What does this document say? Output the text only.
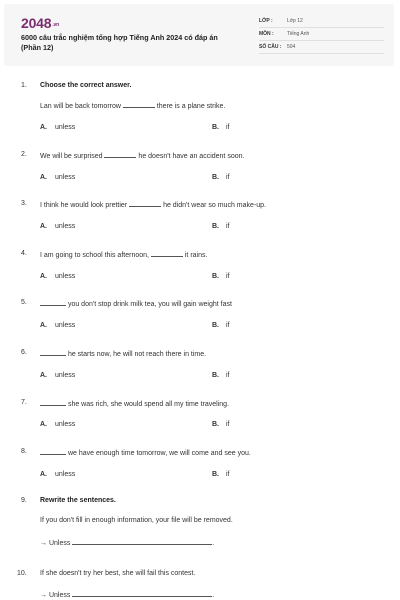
2048.vn
6000 câu trắc nghiệm tổng hợp Tiếng Anh 2024 có đáp án (Phần 12)
LỚP :	Lớp 12
MÔN :	Tiếng Anh
SỐ CÂU : 504
1. Choose the correct answer.
Lan will be back tomorrow	there is a plane strike.
A. unless	B. if
2. We will be surprised	he doesn't have an accident soon.
A. unless	B. if
3. I think he would look prettier	he didn't wear so much make-up.
A. unless	B. if
4. I am going to school this afternoon,	it rains.
A. unless	B. if
5.	you don't stop drink milk tea, you will gain weight fast
A. unless	B. if
6.	he starts now, he will not reach there in time.
A. unless	B. if
7.	she was rich, she would spend all my time traveling.
A. unless	B. if
8.	we have enough time tomorrow, we will come and see you.
A. unless	B. if
9. Rewrite the sentences.
If you don't fill in enough information, your file will be removed.
→ Unless	.
10. If she doesn't try her best, she will fail this contest.
→ Unless	.
